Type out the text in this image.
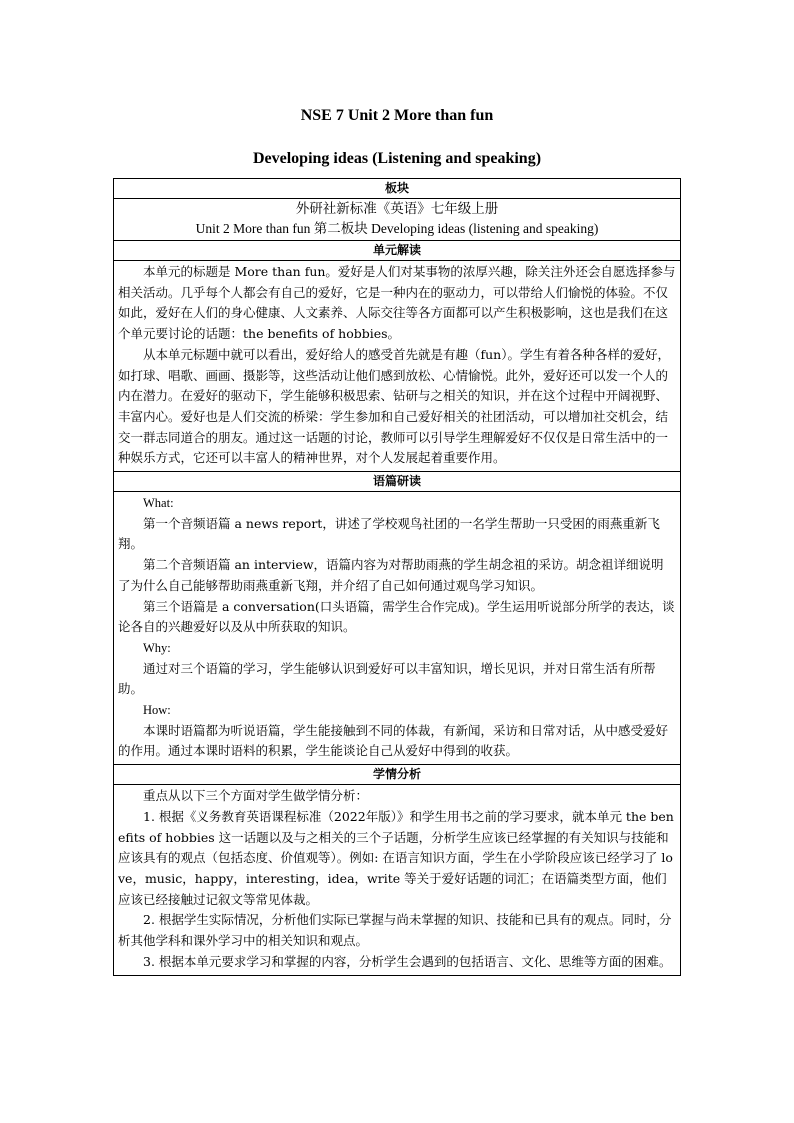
NSE 7 Unit 2 More than fun
Developing ideas (Listening and speaking)
板块

外研社新标准《英语》七年级上册
Unit 2 More than fun 第二板块 Developing ideas (listening and speaking)

单元解读

本单元的标题是 More than fun。爱好是人们对某事物的浓厚兴趣，除关注外还会自愿选择参与相关活动。几乎每个人都会有自己的爱好，它是一种内在的驱动力，可以带给人们愉悦的体验。不仅如此，爱好在人们的身心健康、人文素养、人际交往等各方面都可以产生积极影响，这也是我们在这个单元要讨论的话题：the benefits of hobbies。

从本单元标题中就可以看出，爱好给人的感受首先就是有趣（fun）。学生有着各种各样的爱好，如打球、唱歌、画画、摄影等，这些活动让他们感到放松、心情愉悦。此外，爱好还可以发一个人的内在潜力。在爱好的驱动下，学生能够积极思索、钻研与之相关的知识，并在这个过程中开阔视野、丰富内心。爱好也是人们交流的桥梁：学生参加和自己爱好相关的社团活动，可以增加社交机会，结交一群志同道合的朋友。通过这一话题的讨论，教师可以引导学生理解爱好不仅仅是日常生活中的一种娱乐方式，它还可以丰富人的精神世界，对个人发展起着重要作用。

语篇研读

What:

第一个音频语篇 a news report，讲述了学校观鸟社团的一名学生帮助一只受困的雨燕重新飞翔。

第二个音频语篇 an interview，语篇内容为对帮助雨燕的学生胡念祖的采访。胡念祖详细说明了为什么自己能够帮助雨燕重新飞翔，并介绍了自己如何通过观鸟学习知识。

第三个语篇是 a conversation(口头语篇，需学生合作完成)。学生运用听说部分所学的表达，谈论各自的兴趣爱好以及从中所获取的知识。

Why:

通过对三个语篇的学习，学生能够认识到爱好可以丰富知识，增长见识，并对日常生活有所帮助。

How:

本课时语篇都为听说语篇，学生能接触到不同的体裁，有新闻，采访和日常对话，从中感受爱好的作用。通过本课时语料的积累，学生能谈论自己从爱好中得到的收获。

学情分析

重点从以下三个方面对学生做学情分析：

1. 根据《义务教育英语课程标准（2022年版）》和学生用书之前的学习要求，就本单元 the benefits of hobbies 这一话题以及与之相关的三个子话题，分析学生应该已经掌握的有关知识与技能和应该具有的观点（包括态度、价值观等）。例如: 在语言知识方面，学生在小学阶段应该已经学习了 love，music，happy，interesting，idea，write 等关于爱好话题的词汇；在语篇类型方面，他们应该已经接触过记叙文等常见体裁。

2. 根据学生实际情况，分析他们实际已掌握与尚未掌握的知识、技能和已具有的观点。同时，分析其他学科和课外学习中的相关知识和观点。

3. 根据本单元要求学习和掌握的内容，分析学生会遇到的包括语言、文化、思维等方面的困难。
